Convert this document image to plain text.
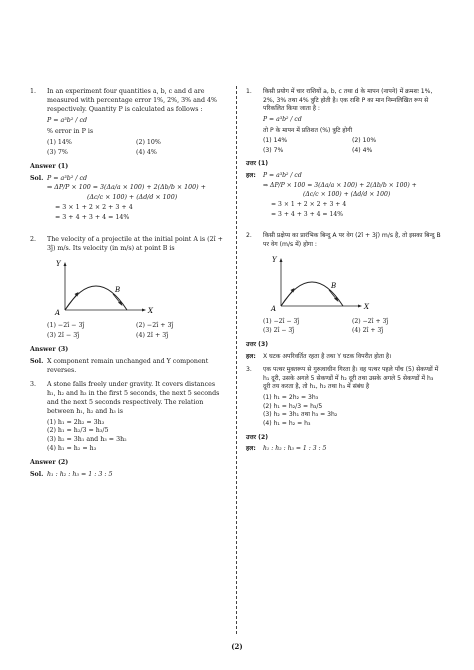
1. In an experiment four quantities a, b, c and d are measured with percentage error 1%, 2%, 3% and 4% respectively. Quantity P is calculated as follows :
P = a³b² / cd
% error in P is
(1) 14%	(2) 10%
(3) 7%	(4) 4%
Answer (1)
Sol. P = a³b² / cd
⇒ ΔP/P × 100 = 3(Δa/a × 100) + 2(Δb/b × 100) +
(Δc/c × 100) + (Δd/d × 100)
= 3 × 1 + 2 × 2 + 3 + 4
= 3 + 4 + 3 + 4 = 14%
2. The velocity of a projectile at the initial point A is (2î + 3ĵ) m/s. Its velocity (in m/s) at point B is
Y
X
A
B
(1) −2î − 3ĵ	(2) −2î + 3ĵ
(3) 2î − 3ĵ	(4) 2î + 3ĵ
Answer (3)
Sol. X component remain unchanged and Y component reverses.
3. A stone falls freely under gravity. It covers distances h₁, h₂ and h₃ in the first 5 seconds, the next 5 seconds and the next 5 seconds respectively. The relation between h₁, h₂ and h₃ is
(1) h₁ = 2h₂ = 3h₃
(2) h₁ = h₂/3 = h₃/5
(3) h₂ = 3h₁ and h₃ = 3h₂
(4) h₁ = h₂ = h₃
Answer (2)
Sol. h₁ : h₂ : h₃ = 1 : 3 : 5
1. किसी प्रयोग में चार राशियों a, b, c तथा d के मापन (नापने) में क्रमशः 1%, 2%, 3% तथा 4% त्रुटि होती है। एक राशि P का मान निम्नलिखित रूप से परिकलित किया जाता है :
P = a³b² / cd
तो P के मापन में प्रतिशत (%) त्रुटि होगी
(1) 14%	(2) 10%
(3) 7%	(4) 4%
उत्तर (1)
हल: P = a³b² / cd
⇒ ΔP/P × 100 = 3(Δa/a × 100) + 2(Δb/b × 100) +
(Δc/c × 100) + (Δd/d × 100)
= 3 × 1 + 2 × 2 + 3 + 4
= 3 + 4 + 3 + 4 = 14%
2. किसी प्रक्षेप्य का प्रारंभिक बिन्दु A पर वेग (2î + 3ĵ) m/s है, तो इसका बिन्दु B पर वेग (m/s में) होगा :
Y
X
A
B
(1) −2î − 3ĵ	(2) −2î + 3ĵ
(3) 2î − 3ĵ	(4) 2î + 3ĵ
उत्तर (3)
हल: X घटक अपरिवर्तित रहता है तथा Y घटक विपरीत होता है।
3. एक पत्थर मुक्तरूप से गुरुत्वाधीन गिरता है। वह पत्थर पहले पाँच (5) सेकण्डों में h₁ दूरी, उसके अगले 5 सेकण्डों में h₂ दूरी तथा उसके अगले 5 सेकण्डों में h₃ दूरी तय करता है, तो h₁, h₂ तथा h₃ में संबंध है
(1) h₁ = 2h₂ = 3h₃
(2) h₁ = h₂/3 = h₃/5
(3) h₂ = 3h₁ तथा h₃ = 3h₂
(4) h₁ = h₂ = h₃
उत्तर (2)
हल: h₁ : h₂ : h₃ = 1 : 3 : 5
(2)
